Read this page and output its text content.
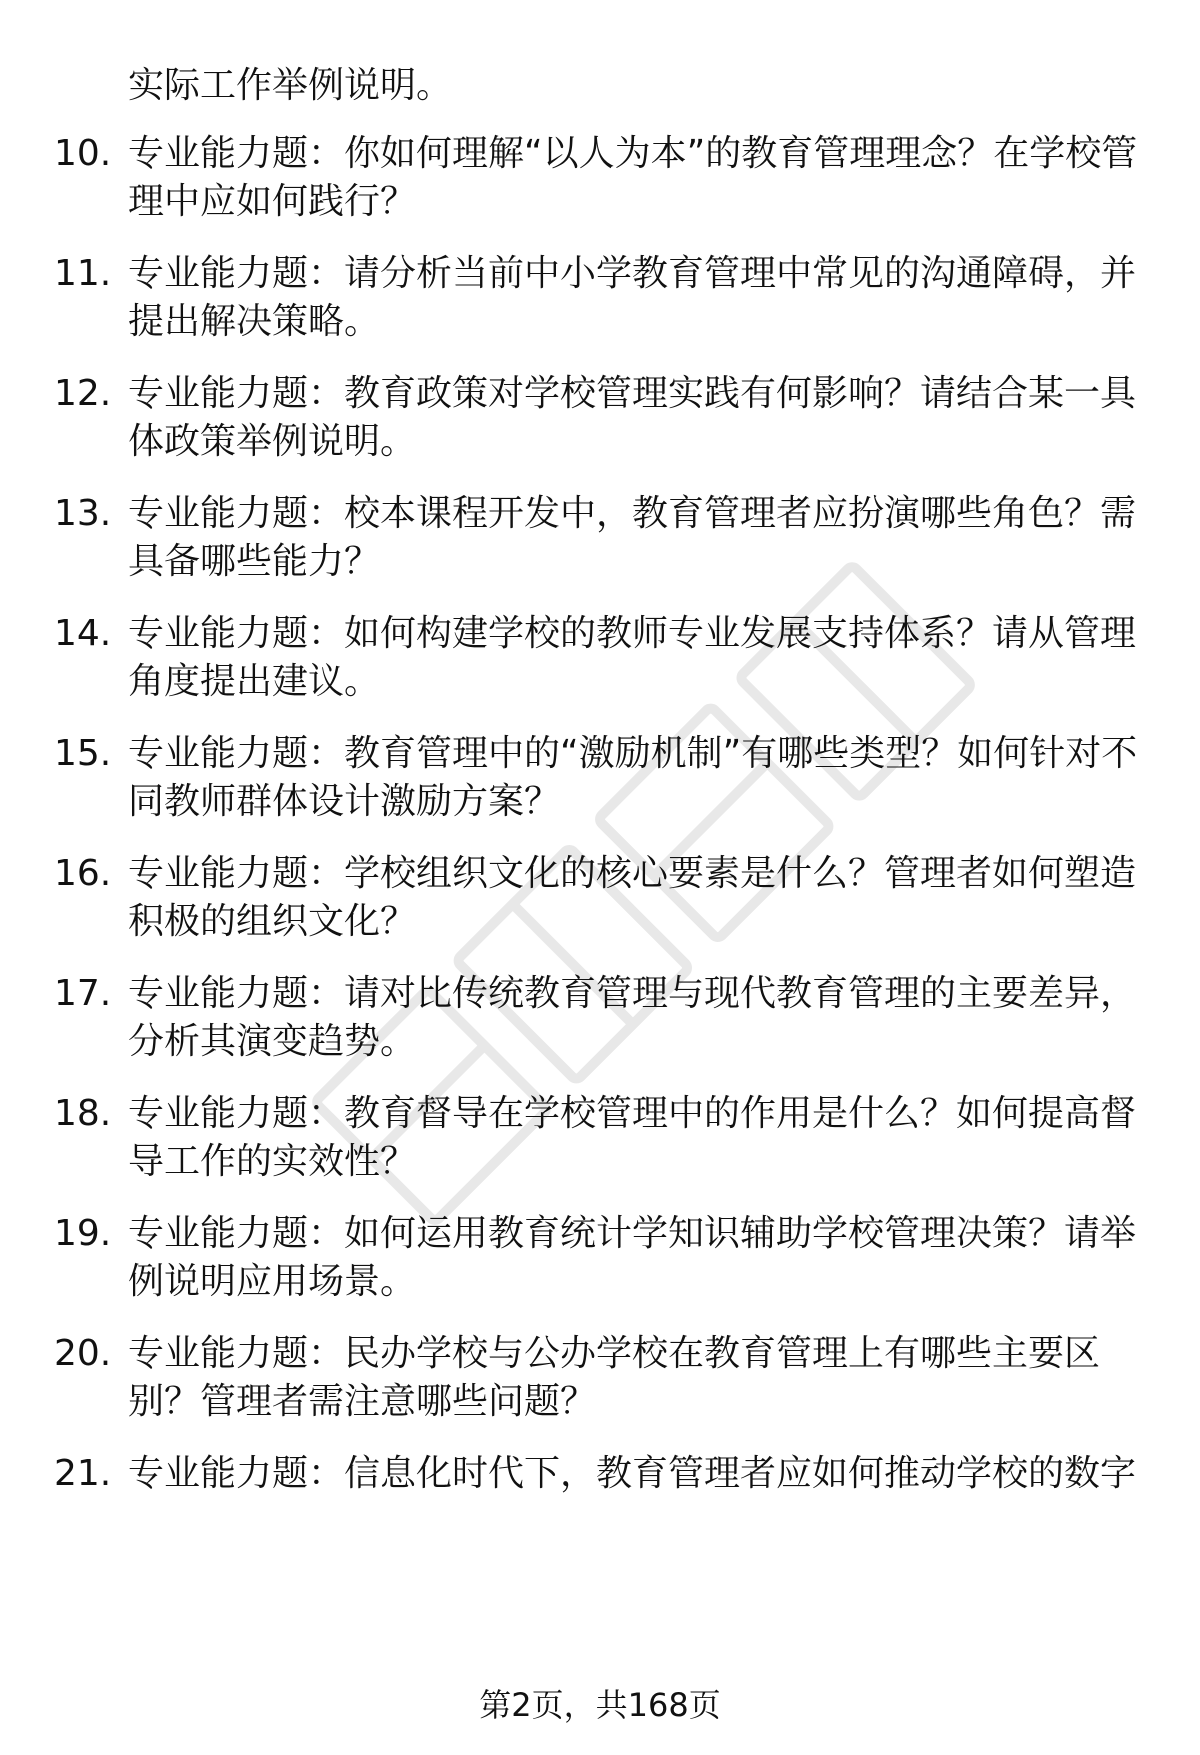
实际工作举例说明。

10. 专业能力题：你如何理解“以人为本”的教育管理理念？在学校管理中应如何践行？

11. 专业能力题：请分析当前中小学教育管理中常见的沟通障碍，并提出解决策略。

12. 专业能力题：教育政策对学校管理实践有何影响？请结合某一具体政策举例说明。

13. 专业能力题：校本课程开发中，教育管理者应扮演哪些角色？需具备哪些能力？

14. 专业能力题：如何构建学校的教师专业发展支持体系？请从管理角度提出建议。

15. 专业能力题：教育管理中的“激励机制”有哪些类型？如何针对不同教师群体设计激励方案？

16. 专业能力题：学校组织文化的核心要素是什么？管理者如何塑造积极的组织文化？

17. 专业能力题：请对比传统教育管理与现代教育管理的主要差异，分析其演变趋势。

18. 专业能力题：教育督导在学校管理中的作用是什么？如何提高督导工作的实效性？

19. 专业能力题：如何运用教育统计学知识辅助学校管理决策？请举例说明应用场景。

20. 专业能力题：民办学校与公办学校在教育管理上有哪些主要区别？管理者需注意哪些问题？

21. 专业能力题：信息化时代下，教育管理者应如何推动学校的数字

第2页，共168页
